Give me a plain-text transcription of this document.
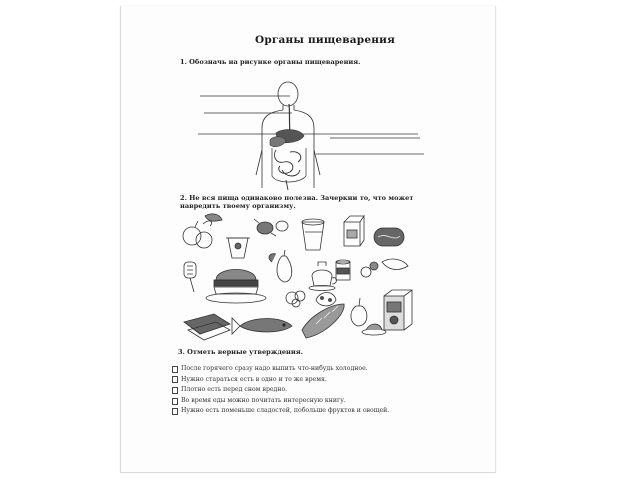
Органы пищеварения
1. Обозначь на рисунке органы пищеварения.
2. Не вся пища одинаково полезна. Зачеркни то, что может навредить твоему организму.
3. Отметь верные утверждения.
После горячего сразу надо выпить что-нибудь холодное.
Нужно стараться есть в одно и то же время.
Плотно есть перед сном вредно.
Во время еды можно почитать интересную книгу.
Нужно есть поменьше сладостей, побольше фруктов и овощей.
